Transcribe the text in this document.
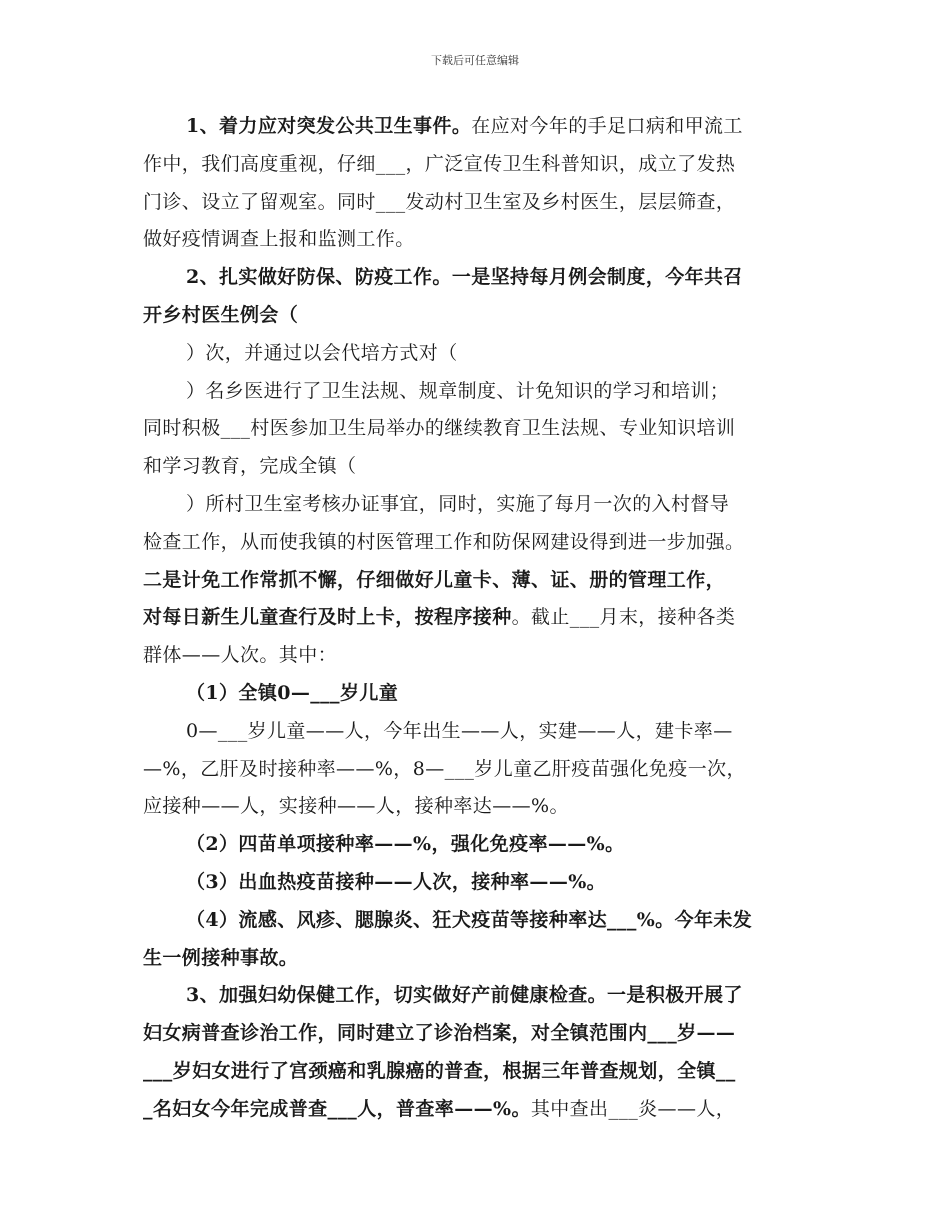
下载后可任意编辑
1、着力应对突发公共卫生事件。在应对今年的手足口病和甲流工
作中，我们高度重视，仔细___，广泛宣传卫生科普知识，成立了发热
门诊、设立了留观室。同时___发动村卫生室及乡村医生，层层筛查，
做好疫情调查上报和监测工作。
2、扎实做好防保、防疫工作。一是坚持每月例会制度，今年共召
开乡村医生例会（
）次，并通过以会代培方式对（
）名乡医进行了卫生法规、规章制度、计免知识的学习和培训；
同时积极___村医参加卫生局举办的继续教育卫生法规、专业知识培训
和学习教育，完成全镇（
）所村卫生室考核办证事宜，同时，实施了每月一次的入村督导
检查工作，从而使我镇的村医管理工作和防保网建设得到进一步加强。
二是计免工作常抓不懈，仔细做好儿童卡、薄、证、册的管理工作，
对每日新生儿童查行及时上卡，按程序接种。截止___月末，接种各类
群体——人次。其中：
（1）全镇0—___岁儿童
0—___岁儿童——人，今年出生——人，实建——人，建卡率—
—%，乙肝及时接种率——%，8—___岁儿童乙肝疫苗强化免疫一次，
应接种——人，实接种——人，接种率达——%。
（2）四苗单项接种率——%，强化免疫率——%。
（3）出血热疫苗接种——人次，接种率——%。
（4）流感、风疹、腮腺炎、狂犬疫苗等接种率达___%。今年未发
生一例接种事故。
3、加强妇幼保健工作，切实做好产前健康检查。一是积极开展了
妇女病普查诊治工作，同时建立了诊治档案，对全镇范围内___岁——
___岁妇女进行了宫颈癌和乳腺癌的普查，根据三年普查规划，全镇__
_名妇女今年完成普查___人，普查率——%。其中查出___炎——人，
